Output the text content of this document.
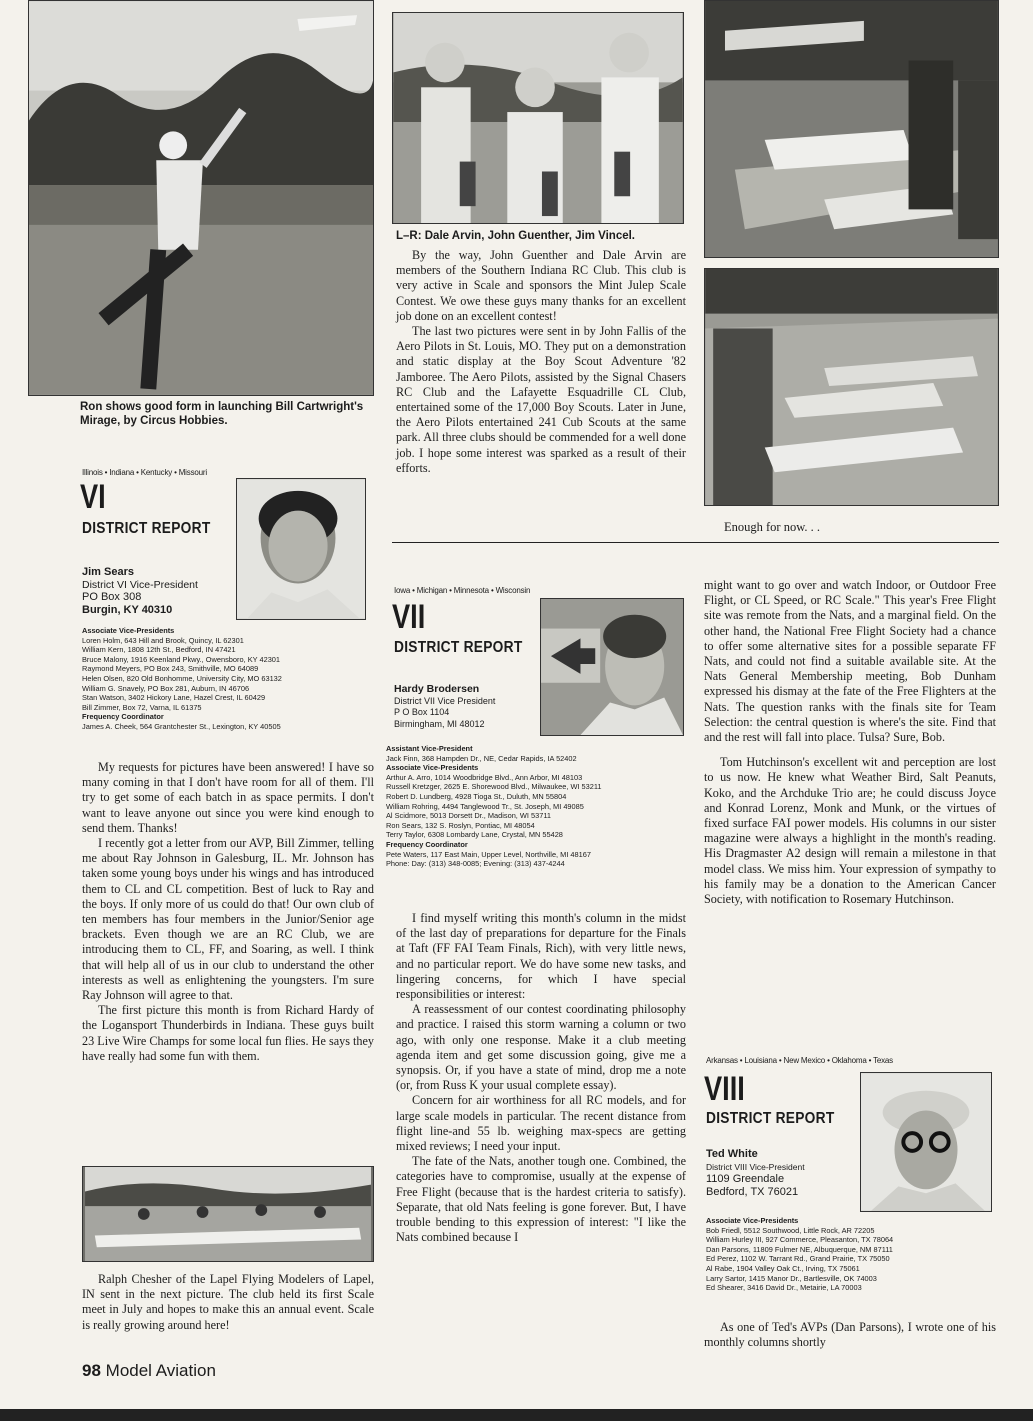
Ron shows good form in launching Bill Cartwright's Mirage, by Circus Hobbies.
L–R: Dale Arvin, John Guenther, Jim Vincel.

By the way, John Guenther and Dale Arvin are members of the Southern Indiana RC Club. This club is very active in Scale and sponsors the Mint Julep Scale Contest. We owe these guys many thanks for an excellent job done on an excellent contest!

The last two pictures were sent in by John Fallis of the Aero Pilots in St. Louis, MO. They put on a demonstration and static display at the Boy Scout Adventure '82 Jamboree. The Aero Pilots, assisted by the Signal Chasers RC Club and the Lafayette Esquadrille CL Club, entertained some of the 17,000 Boy Scouts. Later in June, the Aero Pilots entertained 241 Cub Scouts at the same park. All three clubs should be commended for a well done job. I hope some interest was sparked as a result of their efforts.

Enough for now. . .
Illinois • Indiana • Kentucky • Missouri
VI
DISTRICT REPORT
Jim Sears
District VI Vice-President
PO Box 308
Burgin, KY 40310
Associate Vice-Presidents
Loren Holm, 643 Hill and Brook, Quincy, IL 62301
William Kern, 1808 12th St., Bedford, IN 47421
Bruce Malony, 1916 Keenland Pkwy., Owensboro, KY 42301
Raymond Meyers, PO Box 243, Smithville, MO 64089
Helen Olsen, 820 Old Bonhomme, University City, MO 63132
William G. Snavely, PO Box 281, Auburn, IN 46706
Stan Watson, 3402 Hickory Lane, Hazel Crest, IL 60429
Bill Zimmer, Box 72, Varna, IL 61375
Frequency Coordinator
James A. Cheek, 564 Grantchester St., Lexington, KY 40505

My requests for pictures have been answered! I have so many coming in that I don't have room for all of them. I'll try to get some of each batch in as space permits. I don't want to leave anyone out since you were kind enough to send them. Thanks!

I recently got a letter from our AVP, Bill Zimmer, telling me about Ray Johnson in Galesburg, IL. Mr. Johnson has taken some young boys under his wings and has introduced them to CL and CL competition. Best of luck to Ray and the boys. If only more of us could do that! Our own club of ten members has four members in the Junior/Senior age brackets. Even though we are an RC Club, we are introducing them to CL, FF, and Soaring, as well. I think that will help all of us in our club to understand the other interests as well as enlightening the youngsters. I'm sure Ray Johnson will agree to that.

The first picture this month is from Richard Hardy of the Logansport Thunderbirds in Indiana. These guys built 23 Live Wire Champs for some local fun flies. He says they have really had some fun with them.

Ralph Chesher of the Lapel Flying Modelers of Lapel, IN sent in the next picture. The club held its first Scale meet in July and hopes to make this an annual event. Scale is really growing around here!

Iowa • Michigan • Minnesota • Wisconsin
VII
DISTRICT REPORT
Hardy Brodersen
District VII Vice President
P O Box 1104
Birmingham, MI 48012
Assistant Vice-President
Jack Finn, 368 Hampden Dr., NE, Cedar Rapids, IA 52402
Associate Vice-Presidents
Arthur A. Arro, 1014 Woodbridge Blvd., Ann Arbor, MI 48103
Russell Kretzger, 2625 E. Shorewood Blvd., Milwaukee, WI 53211
Robert D. Lundberg, 4928 Tioga St., Duluth, MN 55804
William Rohring, 4494 Tanglewood Tr., St. Joseph, MI 49085
Al Scidmore, 5013 Dorsett Dr., Madison, WI 53711
Ron Sears, 132 S. Roslyn, Pontiac, MI 48054
Terry Taylor, 6308 Lombardy Lane, Crystal, MN 55428
Frequency Coordinator
Pete Waters, 117 East Main, Upper Level, Northville, MI 48167
Phone: Day: (313) 348-0085; Evening: (313) 437-4244

I find myself writing this month's column in the midst of the last day of preparations for departure for the Finals at Taft (FF FAI Team Finals, Rich), with very little news, and no particular report. We do have some new tasks, and lingering concerns, for which I have special responsibilities or interest:

A reassessment of our contest coordinating philosophy and practice. I raised this storm warning a column or two ago, with only one response. Make it a club meeting agenda item and get some discussion going, give me a synopsis. Or, if you have a state of mind, drop me a note (or, from Russ K your usual complete essay).

Concern for air worthiness for all RC models, and for large scale models in particular. The recent distance from flight line-and 55 lb. weighing max-specs are getting mixed reviews; I need your input.

The fate of the Nats, another tough one. Combined, the categories have to compromise, usually at the expense of Free Flight (because that is the hardest criteria to satisfy). Separate, that old Nats feeling is gone forever. But, I have trouble bending to this expression of interest: "I like the Nats combined because I

might want to go over and watch Indoor, or Outdoor Free Flight, or CL Speed, or RC Scale." This year's Free Flight site was remote from the Nats, and a marginal field. On the other hand, the National Free Flight Society had a chance to offer some alternative sites for a possible separate FF Nats, and could not find a suitable available site. At the Nats General Membership meeting, Bob Dunham expressed his dismay at the fate of the Free Flighters at the Nats. The question ranks with the finals site for Team Selection: the central question is where's the site. Find that and the rest will fall into place. Tulsa? Sure, Bob.

Tom Hutchinson's excellent wit and perception are lost to us now. He knew what Weather Bird, Salt Peanuts, Koko, and the Archduke Trio are; he could discuss Joyce and Konrad Lorenz, Monk and Munk, or the virtues of fixed surface FAI power models. His columns in our sister magazine were always a highlight in the month's reading. His Dragmaster A2 design will remain a milestone in that model class. We miss him. Your expression of sympathy to his family may be a donation to the American Cancer Society, with notification to Rosemary Hutchinson.

Arkansas • Louisiana • New Mexico • Oklahoma • Texas
VIII
DISTRICT REPORT
Ted White
District VIII Vice-President
1109 Greendale
Bedford, TX 76021
Associate Vice-Presidents
Bob Friedl, 5512 Southwood, Little Rock, AR 72205
William Hurley III, 927 Commerce, Pleasanton, TX 78064
Dan Parsons, 11809 Fulmer NE, Albuquerque, NM 87111
Ed Perez, 1102 W. Tarrant Rd., Grand Prairie, TX 75050
Al Rabe, 1904 Valley Oak Ct., Irving, TX 75061
Larry Sartor, 1415 Manor Dr., Bartlesville, OK 74003
Ed Shearer, 3416 David Dr., Metairie, LA 70003

As one of Ted's AVPs (Dan Parsons), I wrote one of his monthly columns shortly

98 Model Aviation
